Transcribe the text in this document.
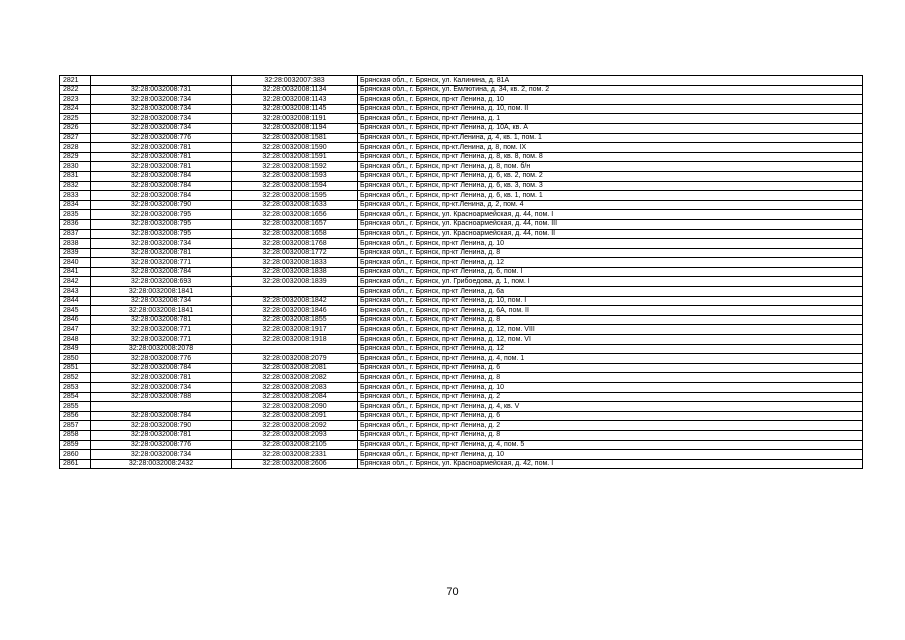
2821		32:28:0032007:383	Брянская обл., г. Брянск, ул. Калинина, д. 81А
2822	32:28:0032008:731	32:28:0032008:1134	Брянская обл., г. Брянск, ул. Емлютина, д. 34, кв. 2, пом. 2
2823	32:28:0032008:734	32:28:0032008:1143	Брянская обл., г. Брянск, пр-кт Ленина, д. 10
2824	32:28:0032008:734	32:28:0032008:1145	Брянская обл., г. Брянск, пр-кт Ленина, д. 10, пом. II
2825	32:28:0032008:734	32:28:0032008:1191	Брянская обл., г. Брянск, пр-кт Ленина, д. 1
2826	32:28:0032008:734	32:28:0032008:1194	Брянская обл., г. Брянск, пр-кт Ленина, д. 10А, кв. А
2827	32:28:0032008:776	32:28:0032008:1581	Брянская обл., г. Брянск, пр-кт.Ленина, д. 4, кв. 1, пом. 1
2828	32:28:0032008:781	32:28:0032008:1590	Брянская обл., г. Брянск, пр-кт.Ленина, д. 8, пом. IX
2829	32:28:0032008:781	32:28:0032008:1591	Брянская обл., г. Брянск, пр-кт Ленина, д. 8, кв. 8, пом. 8
2830	32:28:0032008:781	32:28:0032008:1592	Брянская обл., г. Брянск, пр-кт Ленина, д. 8, пом. б/н
2831	32:28:0032008:784	32:28:0032008:1593	Брянская обл., г. Брянск, пр-кт Ленина, д. 6, кв. 2, пом. 2
2832	32:28:0032008:784	32:28:0032008:1594	Брянская обл., г. Брянск, пр-кт Ленина, д. 6, кв. 3, пом. 3
2833	32:28:0032008:784	32:28:0032008:1595	Брянская обл., г. Брянск, пр-кт Ленина, д. 6, кв. 1, пом. 1
2834	32:28:0032008:790	32:28:0032008:1633	Брянская обл., г. Брянск, пр-кт.Ленина, д. 2, пом. 4
2835	32:28:0032008:795	32:28:0032008:1656	Брянская обл., г. Брянск, ул. Красноармейская, д. 44, пом. I
2836	32:28:0032008:795	32:28:0032008:1657	Брянская обл., г. Брянск, ул. Красноармейская, д. 44, пом. III
2837	32:28:0032008:795	32:28:0032008:1658	Брянская обл., г. Брянск, ул. Красноармейская, д. 44, пом. II
2838	32:28:0032008:734	32:28:0032008:1768	Брянская обл., г. Брянск, пр-кт Ленина, д. 10
2839	32:28:0032008:781	32:28:0032008:1772	Брянская обл., г. Брянск, пр-кт Ленина, д. 8
2840	32:28:0032008:771	32:28:0032008:1833	Брянская обл., г. Брянск, пр-кт Ленина, д. 12
2841	32:28:0032008:784	32:28:0032008:1838	Брянская обл., г. Брянск, пр-кт Ленина, д. 6, пом. I
2842	32:28:0032008:693	32:28:0032008:1839	Брянская обл., г. Брянск, ул. Грибоедова, д. 1, пом. I
2843	32:28:0032008:1841		Брянская обл., г. Брянск, пр-кт Ленина, д. 6а
2844	32:28:0032008:734	32:28:0032008:1842	Брянская обл., г. Брянск, пр-кт Ленина, д. 10, пом. I
2845	32:28:0032008:1841	32:28:0032008:1846	Брянская обл., г. Брянск, пр-кт Ленина, д. 6А, пом. II
2846	32:28:0032008:781	32:28:0032008:1855	Брянская обл., г. Брянск, пр-кт Ленина, д. 8
2847	32:28:0032008:771	32:28:0032008:1917	Брянская обл., г. Брянск, пр-кт Ленина, д. 12, пом. VIII
2848	32:28:0032008:771	32:28:0032008:1918	Брянская обл., г. Брянск, пр-кт Ленина, д. 12, пом. VI
2849	32:28:0032008:2078		Брянская обл., г. Брянск, пр-кт Ленина, д. 12
2850	32:28:0032008:776	32:28:0032008:2079	Брянская обл., г. Брянск, пр-кт Ленина, д. 4, пом. 1
2851	32:28:0032008:784	32:28:0032008:2081	Брянская обл., г. Брянск, пр-кт Ленина, д. 6
2852	32:28:0032008:781	32:28:0032008:2082	Брянская обл., г. Брянск, пр-кт Ленина, д. 8
2853	32:28:0032008:734	32:28:0032008:2083	Брянская обл., г. Брянск, пр-кт Ленина, д. 10
2854	32:28:0032008:788	32:28:0032008:2084	Брянская обл., г. Брянск, пр-кт Ленина, д. 2
2855		32:28:0032008:2090	Брянская обл., г. Брянск, пр-кт Ленина, д. 4, кв. V
2856	32:28:0032008:784	32:28:0032008:2091	Брянская обл., г. Брянск, пр-кт Ленина, д. 6
2857	32:28:0032008:790	32:28:0032008:2092	Брянская обл., г. Брянск, пр-кт Ленина, д. 2
2858	32:28:0032008:781	32:28:0032008:2093	Брянская обл., г. Брянск, пр-кт Ленина, д. 8
2859	32:28:0032008:776	32:28:0032008:2105	Брянская обл., г. Брянск, пр-кт Ленина, д. 4, пом. 5
2860	32:28:0032008:734	32:28:0032008:2331	Брянская обл., г. Брянск, пр-кт Ленина, д. 10
2861	32:28:0032008:2432	32:28:0032008:2606	Брянская обл., г. Брянск, ул. Красноармейская, д. 42, пом. I
70
